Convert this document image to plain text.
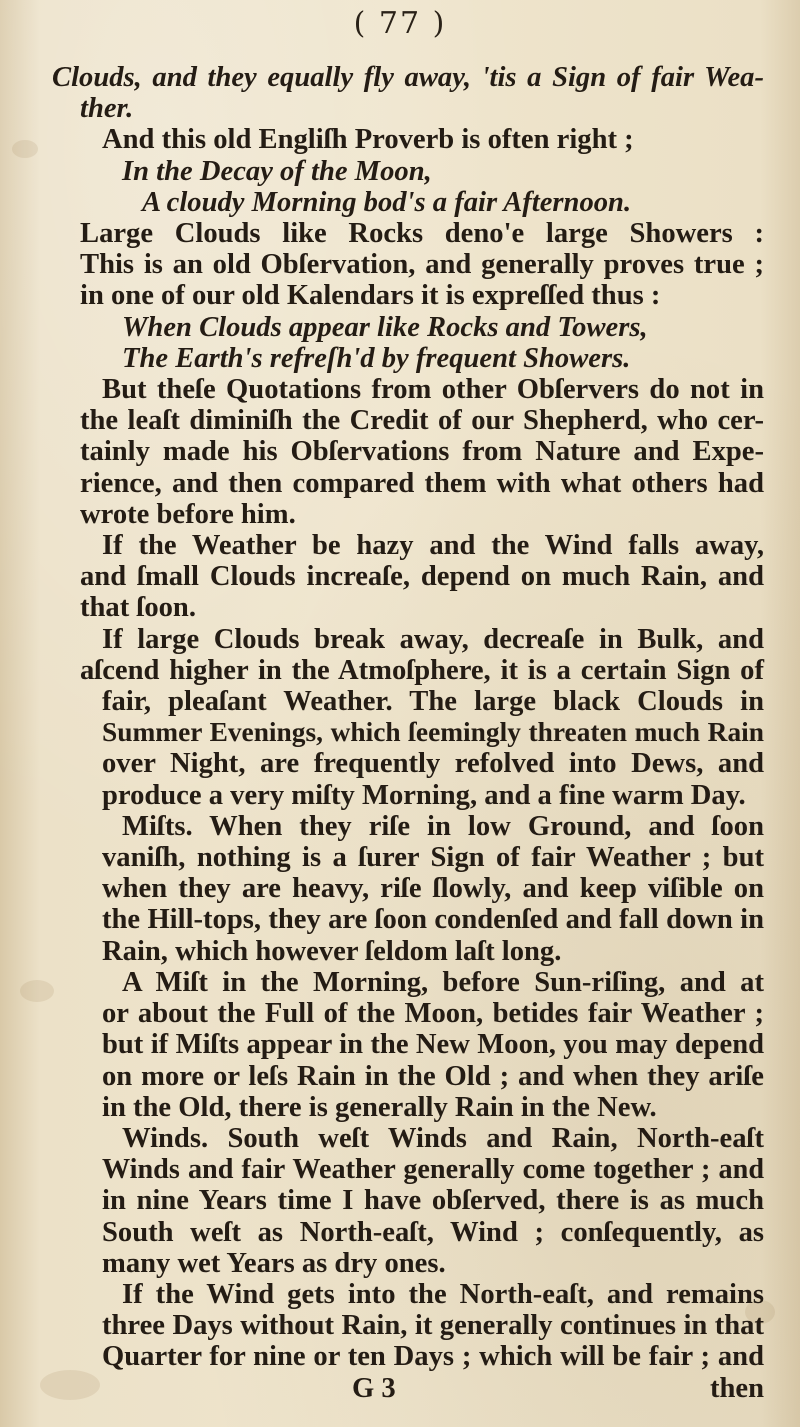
( 77 )
Clouds, and they equally fly away, 'tis a Sign of fair Wea-
ther.
And this old Engliſh Proverb is often right ;
In the Decay of the Moon,
A cloudy Morning bod's a fair Afternoon.
Large Clouds like Rocks deno'e large Showers :
This is an old Obſervation, and generally proves true ;
in one of our old Kalendars it is expreſſed thus :
When Clouds appear like Rocks and Towers,
The Earth's refreſh'd by frequent Showers.
But theſe Quotations from other Obſervers do not in
the leaſt diminiſh the Credit of our Shepherd, who cer-
tainly made his Obſervations from Nature and Expe-
rience, and then compared them with what others had
wrote before him.
If the Weather be hazy and the Wind falls away,
and ſmall Clouds increaſe, depend on much Rain, and
that ſoon.
If large Clouds break away, decreaſe in Bulk, and
aſcend higher in the Atmoſphere, it is a certain Sign of
fair, pleaſant Weather. The large black Clouds in
Summer Evenings, which ſeemingly threaten much Rain
over Night, are frequently refolved into Dews, and
produce a very miſty Morning, and a fine warm Day.
Miſts. When they riſe in low Ground, and ſoon
vaniſh, nothing is a ſurer Sign of fair Weather ; but
when they are heavy, riſe ſlowly, and keep viſible on
the Hill-tops, they are ſoon condenſed and fall down in
Rain, which however ſeldom laſt long.
A Miſt in the Morning, before Sun-riſing, and at
or about the Full of the Moon, betides fair Weather ;
but if Miſts appear in the New Moon, you may depend
on more or leſs Rain in the Old ; and when they ariſe
in the Old, there is generally Rain in the New.
Winds. South weſt Winds and Rain, North-eaſt
Winds and fair Weather generally come together ; and
in nine Years time I have obſerved, there is as much
South weſt as North-eaſt, Wind ; conſequently, as
many wet Years as dry ones.
If the Wind gets into the North-eaſt, and remains
three Days without Rain, it generally continues in that
Quarter for nine or ten Days ; which will be fair ; and
G 3	then
